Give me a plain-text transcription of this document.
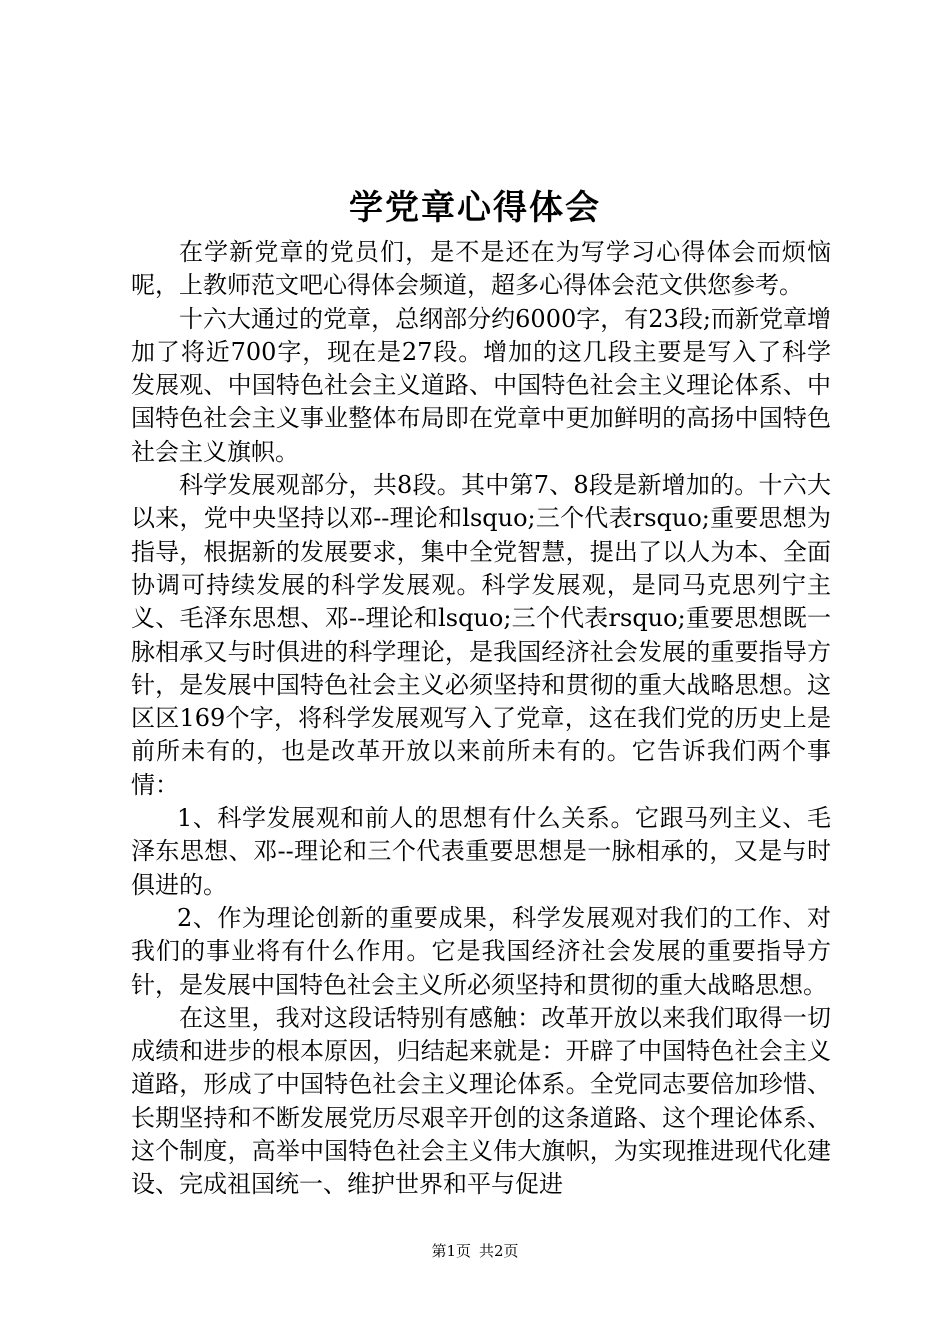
学党章心得体会

在学新党章的党员们，是不是还在为写学习心得体会而烦恼呢，上教师范文吧心得体会频道，超多心得体会范文供您参考。

十六大通过的党章，总纲部分约6000字，有23段;而新党章增加了将近700字，现在是27段。增加的这几段主要是写入了科学发展观、中国特色社会主义道路、中国特色社会主义理论体系、中国特色社会主义事业整体布局即在党章中更加鲜明的高扬中国特色社会主义旗帜。

科学发展观部分，共8段。其中第7、8段是新增加的。十六大以来，党中央坚持以邓--理论和lsquo;三个代表rsquo;重要思想为指导，根据新的发展要求，集中全党智慧，提出了以人为本、全面协调可持续发展的科学发展观。科学发展观，是同马克思列宁主义、毛泽东思想、邓--理论和lsquo;三个代表rsquo;重要思想既一脉相承又与时俱进的科学理论，是我国经济社会发展的重要指导方针，是发展中国特色社会主义必须坚持和贯彻的重大战略思想。这区区169个字，将科学发展观写入了党章，这在我们党的历史上是前所未有的，也是改革开放以来前所未有的。它告诉我们两个事情：

1、科学发展观和前人的思想有什么关系。它跟马列主义、毛泽东思想、邓--理论和三个代表重要思想是一脉相承的，又是与时俱进的。

2、作为理论创新的重要成果，科学发展观对我们的工作、对我们的事业将有什么作用。它是我国经济社会发展的重要指导方针，是发展中国特色社会主义所必须坚持和贯彻的重大战略思想。

在这里，我对这段话特别有感触：改革开放以来我们取得一切成绩和进步的根本原因，归结起来就是：开辟了中国特色社会主义道路，形成了中国特色社会主义理论体系。全党同志要倍加珍惜、长期坚持和不断发展党历尽艰辛开创的这条道路、这个理论体系、这个制度，高举中国特色社会主义伟大旗帜，为实现推进现代化建设、完成祖国统一、维护世界和平与促进

第1页 共2页
